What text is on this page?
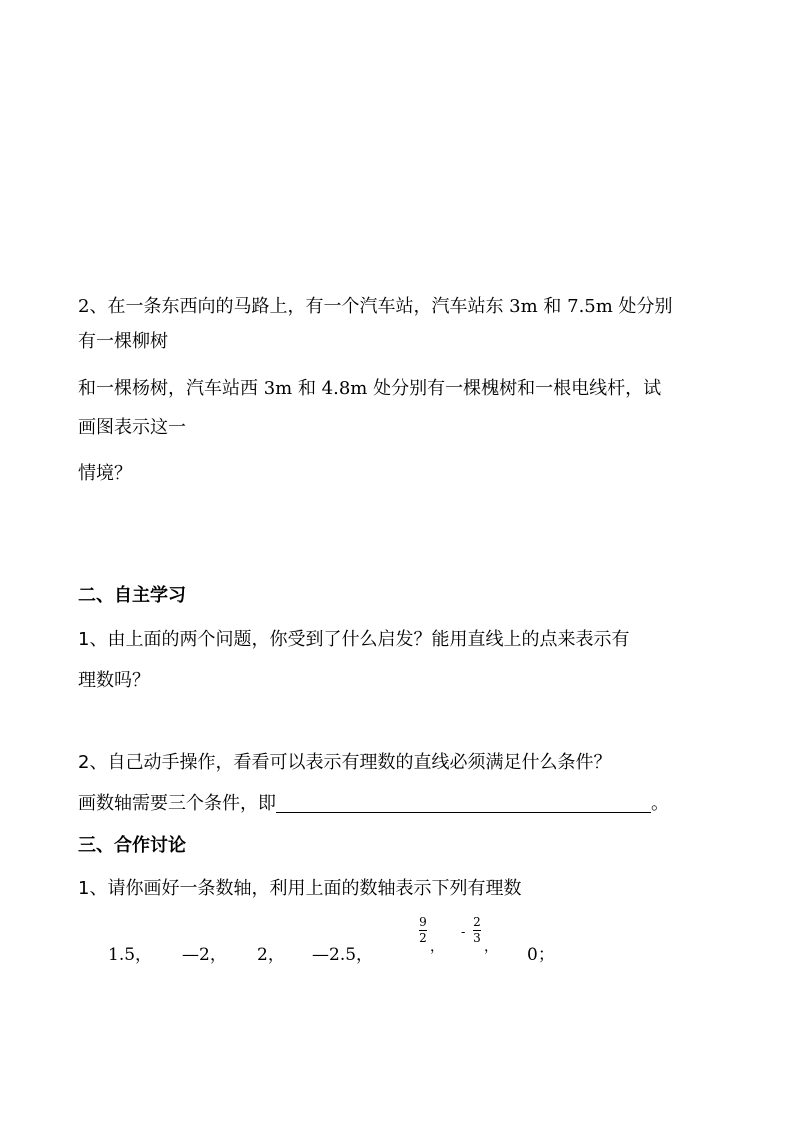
2、在一条东西向的马路上，有一个汽车站，汽车站东 3m 和 7.5m 处分别
有一棵柳树
和一棵杨树，汽车站西 3m 和 4.8m 处分别有一棵槐树和一根电线杆，试
画图表示这一
情境？
二、自主学习
1、由上面的两个问题，你受到了什么启发？能用直线上的点来表示有
理数吗？
2、自己动手操作，看看可以表示有理数的直线必须满足什么条件？
画数轴需要三个条件，即	。
三、合作讨论
1、请你画好一条数轴，利用上面的数轴表示下列有理数
1.5， —2， 2， —2.5，
9
2
，
-
2
3
， 0；
